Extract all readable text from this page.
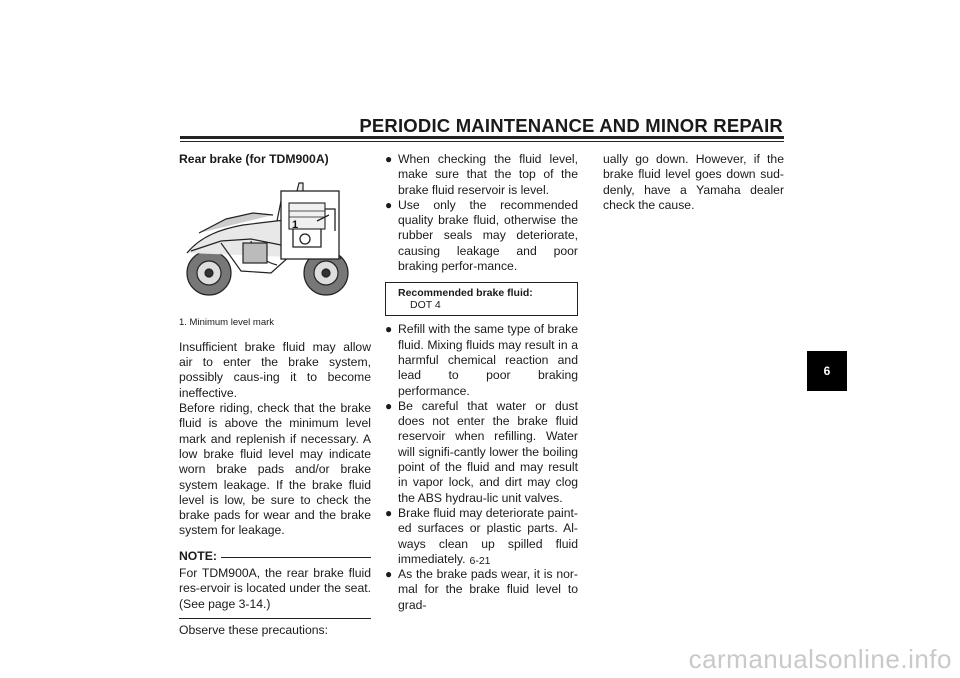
PERIODIC MAINTENANCE AND MINOR REPAIR
Rear brake (for TDM900A)
1
1. Minimum level mark

Insufficient brake fluid may allow air to enter the brake system, possibly caus-ing it to become ineffective.

Before riding, check that the brake fluid is above the minimum level mark and replenish if necessary. A low brake fluid level may indicate worn brake pads and/or brake system leakage. If the brake fluid level is low, be sure to check the brake pads for wear and the brake system for leakage.

NOTE:

For TDM900A, the rear brake fluid res-ervoir is located under the seat. (See page 3-14.)

Observe these precautions:

● When checking the fluid level, make sure that the top of the brake fluid reservoir is level.
● Use only the recommended quality brake fluid, otherwise the rubber seals may deteriorate, causing leakage and poor braking perfor-mance.
Recommended brake fluid:
DOT 4
● Refill with the same type of brake fluid. Mixing fluids may result in a harmful chemical reaction and lead to poor braking performance.
● Be careful that water or dust does not enter the brake fluid reservoir when refilling. Water will signifi-cantly lower the boiling point of the fluid and may result in vapor lock, and dirt may clog the ABS hydrau-lic unit valves.
● Brake fluid may deteriorate paint-ed surfaces or plastic parts. Al-ways clean up spilled fluid immediately.
● As the brake pads wear, it is nor-mal for the brake fluid level to grad-

ually go down. However, if the brake fluid level goes down sud-denly, have a Yamaha dealer check the cause.

6-21
6
carmanualsonline.info
